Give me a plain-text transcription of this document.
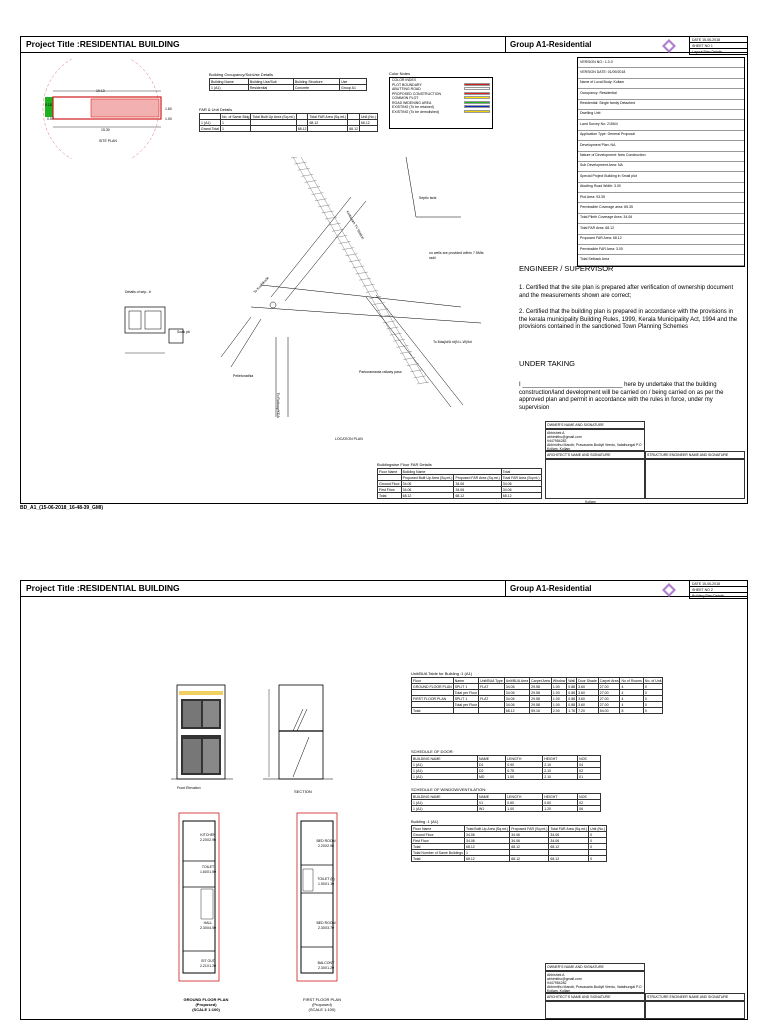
Project Title :RESIDENTIAL BUILDING	Group A1-Residential	DATE 15-06-2018
SHEET NO 1
Layout Plan Details
19.13
15.30
0.18
0.57
1.60
1.00
SITE PLAN
Building Occupancy/SubUse Details
Building Name	Building Use/Sub	Building Structure	Use
1 (A1)	Residential	Concrete	Group A1
FAR & Unit Details
	No. of Same Bldg	Total Built Up Area (Sq.mt.)		Total FAR Area (Sq.mt.)		Unit (No.)
1 (A1)	1			68.12		66.12
Grand Total	1		68.12		68.12	
Color Notes
COLOR INDEX
PLOT BOUNDARY
ABUTTING ROAD
PROPOSED CONSTRUCTION
COMMON PLOT
ROAD WIDENING AREA
EXISTING (To be retained)
EXISTING (To be demolished)
Septic tank
no wells are provided within 7.5Mts radii
To Masjid/A rd(N.L.W)/kd
To Kozhikode
Kottayam TV Station
Pelletonathia
Parkoramawia railway pass
To Railway/KDA
LOCATION PLAN
Details of sep...ti
Soak pit
Buildingwise Floor FAR Details
Floor Name	Building Name		Total
	Proposed Built Up Area (Sq.mt.)	Proposed FAR Area (Sq.mt.)	Total FAR Area (Sq.mt.)
Ground Floor	34.06	34.06	34.06
First Floor	34.06	34.06	34.06
Total	68.12	68.12	68.12
VERSION NO.: 1.0.0
VERSION DATE: 01/09/2018
Name of Local Body: Kollam
Occupancy: Residential
Residential: Single family Detached
Dwelling Unit
Land Survey No: 2156/4
Application Type: General Proposal
Development Plan: NA
Nature of Development: New Construction
Sub Development Area: NA
Special Project Building in Small plot
Abutting Road Width: 3.00
Plot Area: 93.35
Permissible Coverage area: 65.35
Total Plinth Coverage Area: 34.06
Total FAR Area: 68.12
Proposed FAR Area: 68.12
Permissible FAR Area: 3.00
Total Setback Area
ENGINEER / SUPERVISOR
1. Certified that the site plan is prepared after verification of ownership document and the measurements shown are correct;
2. Certified that the building plan is prepared in accordance with the provisions in the kerala municipality Building Rules, 1999, Kerala Municipality Act, 1994 and the provisions contained in the sanctioned Town Planning Schemes
UNDER TAKING
I ______________________________ here by undertake that the building construction/land development will be carried on / being carried on as per the approved plan and permit in accordance with the rules in force, under my supervision
OWNER'S NAME AND SIGNATURE
Abhishek A
abhimithu@gmail.com
9447954282
Abhimithu Mandir, Pravasaria Budiyil Veedu, Valathungal P.O
Kollam, Kollam
ARCHITECT'S NAME AND SIGNATURE	STRUCTURE ENGINEER NAME AND SIGNATURE
Kollam
BD_A1_(15-06-2018_16-48-39_GMI)
Project Title :RESIDENTIAL BUILDING	Group A1-Residential	DATE 15-06-2018
SHEET NO 2
Building Plan Details
Front Elevation
SECTION
KITCHEN 2.20X2.96
TOILET 1.60X1.50
HALL 2.30X4.50
SIT OUT 2.21X1.20
GROUND FLOOR PLAN
(Proposed)
(SCALE 1:100)
BED ROOM 2.20X2.96
TOILET (b) 1.50X1.10
BED ROOM 2.30X3.70
BALCONY 2.30X1.20
FIRST FLOOR PLAN
(Proposed)
(SCALE 1:100)
Unit/BUA Table for Building :1 (A1)
Floor	Name	Unit/BUA Type	Unit/BUA Area	Carpet Area	Window	Wall	Door Shade	Carpet Area	No of Rooms	No. of Unit
GROUND FLOOR PLAN	SPLIT 1	FLAT	34.06	29.58	1.00	0.88	3.60	27.00	4	0
	Total per Floor		34.06	29.58	1.00	0.88	3.60	27.00	4	0
FIRST FLOOR PLAN	SPLIT 1	FLAT	34.06	29.58	1.00	0.88	3.60	27.00	4	0
	Total per Floor		34.06	29.58	1.00	0.88	3.60	27.00	4	0
Total			68.12	59.16	2.00	1.76	7.20	54.00	8	0
SCHEDULE OF DOOR:
BUILDING NAME	NAME	LENGTH	HEIGHT	NOS
1 (A1)	D1	0.90	2.10	04
1 (A1)	D2	0.75	2.10	02
1 (A1)	MD	1.00	2.10	01
SCHEDULE OF WINDOW/VENTILATION:
BUILDING NAME	NAME	LENGTH	HEIGHT	NOS
1 (A1)	V1	0.60	0.60	02
1 (A1)	W1	1.00	1.20	06
Building :1 (A1)
Floor Name	Total Built Up Area (Sq.mt.)	Proposed FAR (Sq.mt.)	Total FAR Area (Sq.mt.)	Unit (No.)
Ground Floor	34.06	34.06	34.06	0
First Floor	34.06	34.06	34.06	0
Total	68.12	68.12	68.12	0
Total Number of Same Buildings	1			
Total	68.12	68.12	68.12	0
OWNER'S NAME AND SIGNATURE
Abhishek A
abhimithu@gmail.com
9447954282
Abhimithu Mandir, Pravasaria Budiyil Veedu, Valathungal P.O
Kollam, Kollam
ARCHITECT'S NAME AND SIGNATURE	STRUCTURE ENGINEER NAME AND SIGNATURE
